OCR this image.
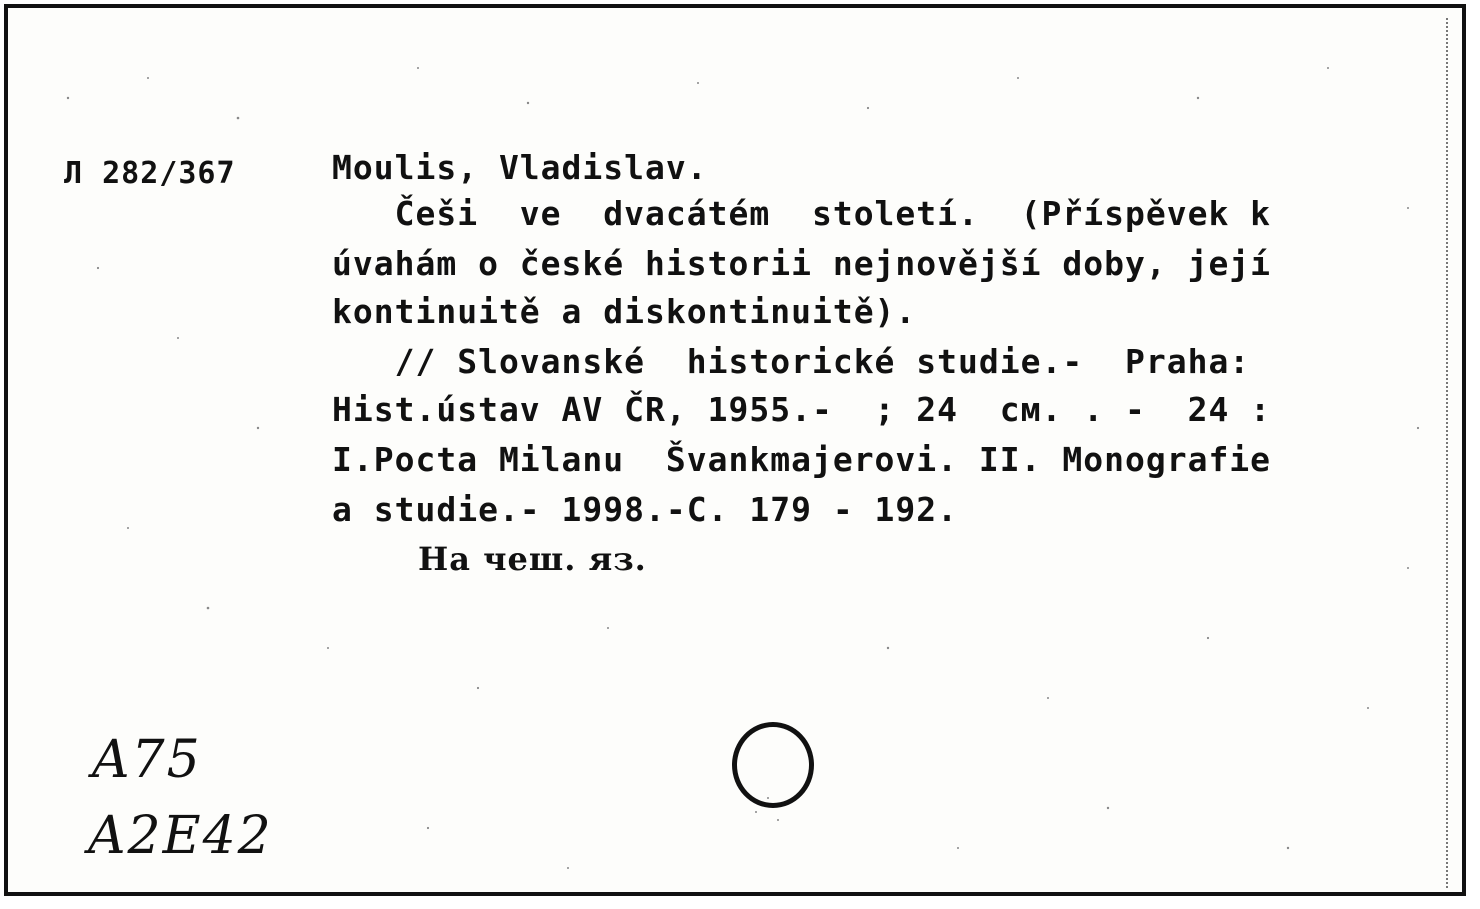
Л 282/367	Moulis, Vladislav.
Češi  ve  dvacátém  století.  (Příspěvek k
úvahám o české historii nejnovější doby, její
kontinuitě a diskontinuitě).
// Slovanské  historické studie.-  Praha:
Hist.ústav AV ČR, 1955.-  ; 24  см. . -  24 :
I.Pocta Milanu  Švankmajerovi. II. Monografie
a studie.- 1998.-C. 179 - 192.
На чеш. яз.
A75
A2E42
